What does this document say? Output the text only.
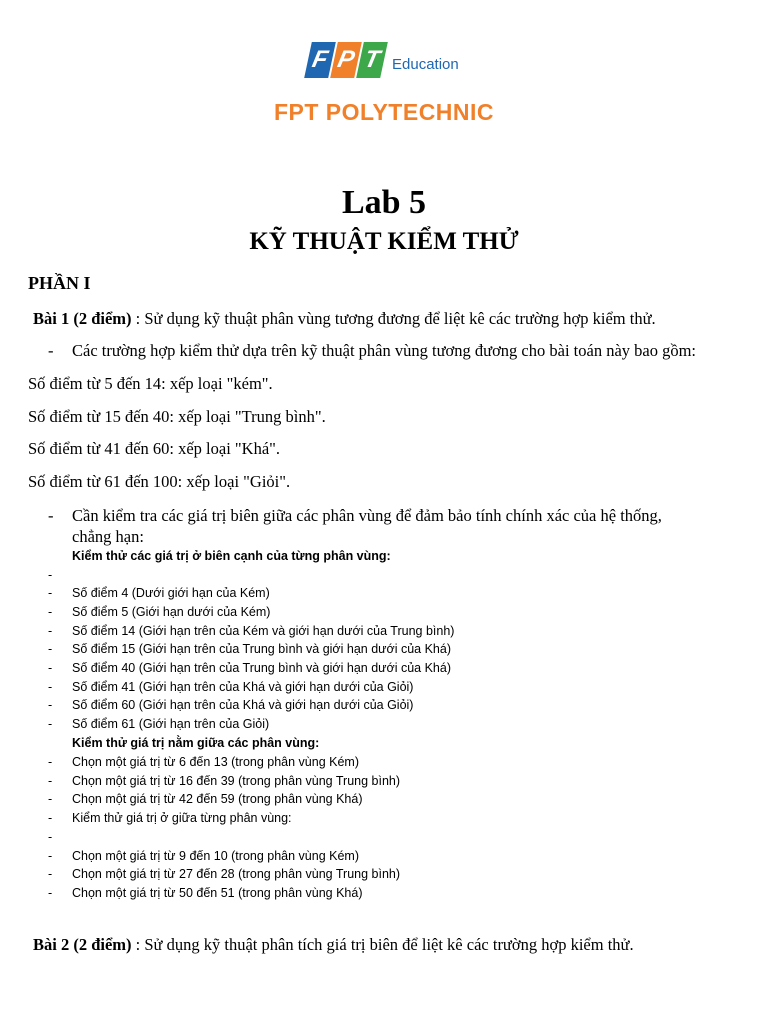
F P T Education
FPT POLYTECHNIC
Lab 5
KỸ THUẬT KIỂM THỬ
PHẦN I
Bài 1 (2 điểm) : Sử dụng kỹ thuật phân vùng tương đương để liệt kê các trường hợp kiểm thử.
- Các trường hợp kiểm thử dựa trên kỹ thuật phân vùng tương đương cho bài toán này bao gồm:
Số điểm từ 5 đến 14: xếp loại "kém".
Số điểm từ 15 đến 40: xếp loại "Trung bình".
Số điểm từ 41 đến 60: xếp loại "Khá".
Số điểm từ 61 đến 100: xếp loại "Giỏi".
- Cần kiểm tra các giá trị biên giữa các phân vùng để đảm bảo tính chính xác của hệ thống,
chẳng hạn:
Kiểm thử các giá trị ở biên cạnh của từng phân vùng:
-
- Số điểm 4 (Dưới giới hạn của Kém)
- Số điểm 5 (Giới hạn dưới của Kém)
- Số điểm 14 (Giới hạn trên của Kém và giới hạn dưới của Trung bình)
- Số điểm 15 (Giới hạn trên của Trung bình và giới hạn dưới của Khá)
- Số điểm 40 (Giới hạn trên của Trung bình và giới hạn dưới của Khá)
- Số điểm 41 (Giới hạn trên của Khá và giới hạn dưới của Giỏi)
- Số điểm 60 (Giới hạn trên của Khá và giới hạn dưới của Giỏi)
- Số điểm 61 (Giới hạn trên của Giỏi)
Kiểm thử giá trị nằm giữa các phân vùng:
- Chọn một giá trị từ 6 đến 13 (trong phân vùng Kém)
- Chọn một giá trị từ 16 đến 39 (trong phân vùng Trung bình)
- Chọn một giá trị từ 42 đến 59 (trong phân vùng Khá)
- Kiểm thử giá trị ở giữa từng phân vùng:
-
- Chọn một giá trị từ 9 đến 10 (trong phân vùng Kém)
- Chọn một giá trị từ 27 đến 28 (trong phân vùng Trung bình)
- Chọn một giá trị từ 50 đến 51 (trong phân vùng Khá)
Bài 2 (2 điểm) : Sử dụng kỹ thuật phân tích giá trị biên để liệt kê các trường hợp kiểm thử.
